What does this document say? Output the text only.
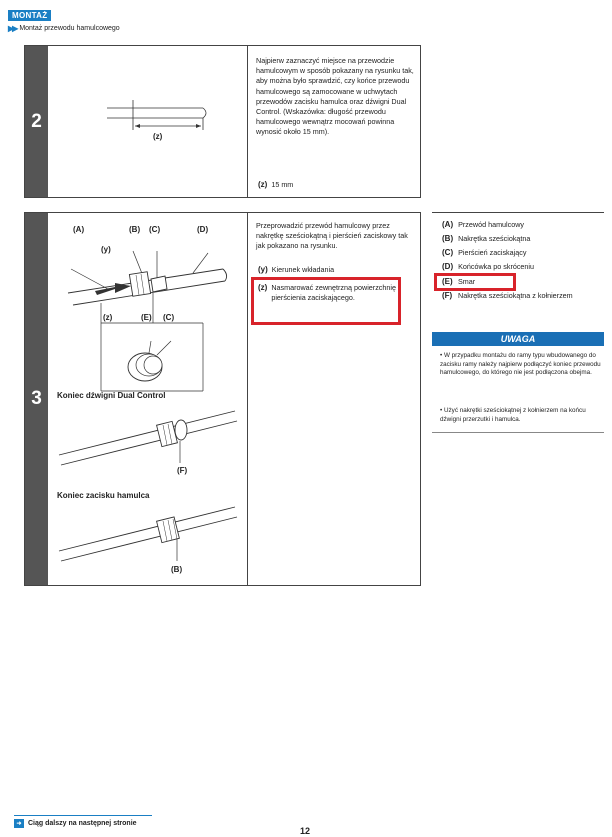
MONTAŻ
▶▶ Montaż przewodu hamulcowego
2
(z)
Najpierw zaznaczyć miejsce na przewodzie hamulcowym w sposób pokazany na rysunku tak, aby można było sprawdzić, czy końce przewodu hamulcowego są zamocowane w uchwytach przewodów zacisku hamulca oraz dźwigni Dual Control. (Wskazówka: długość przewodu hamulcowego wewnątrz mocowań powinna wynosić około 15 mm).
(z) 15 mm
3
(A)	(B) (C)	(D)
(y)
(z)	(E) (C)
Koniec dźwigni Dual Control
(F)
Koniec zacisku hamulca
(B)
Przeprowadzić przewód hamulcowy przez nakrętkę sześciokątną i pierścień zaciskowy tak jak pokazano na rysunku.
(y) Kierunek wkładania
(z) Nasmarować zewnętrzną powierzchnię pierścienia zaciskającego.
(A) Przewód hamulcowy
(B) Nakrętka sześciokątna
(C) Pierścień zaciskający
(D) Końcówka po skróceniu
(E) Smar
(F) Nakrętka sześciokątna z kołnierzem
UWAGA
• W przypadku montażu do ramy typu wbudowanego do zacisku ramy należy najpierw podłączyć koniec przewodu hamulcowego, do którego nie jest podłączona obejma.
• Użyć nakrętki sześciokątnej z kołnierzem na końcu dźwigni przerzutki i hamulca.
➜ Ciąg dalszy na następnej stronie
12
